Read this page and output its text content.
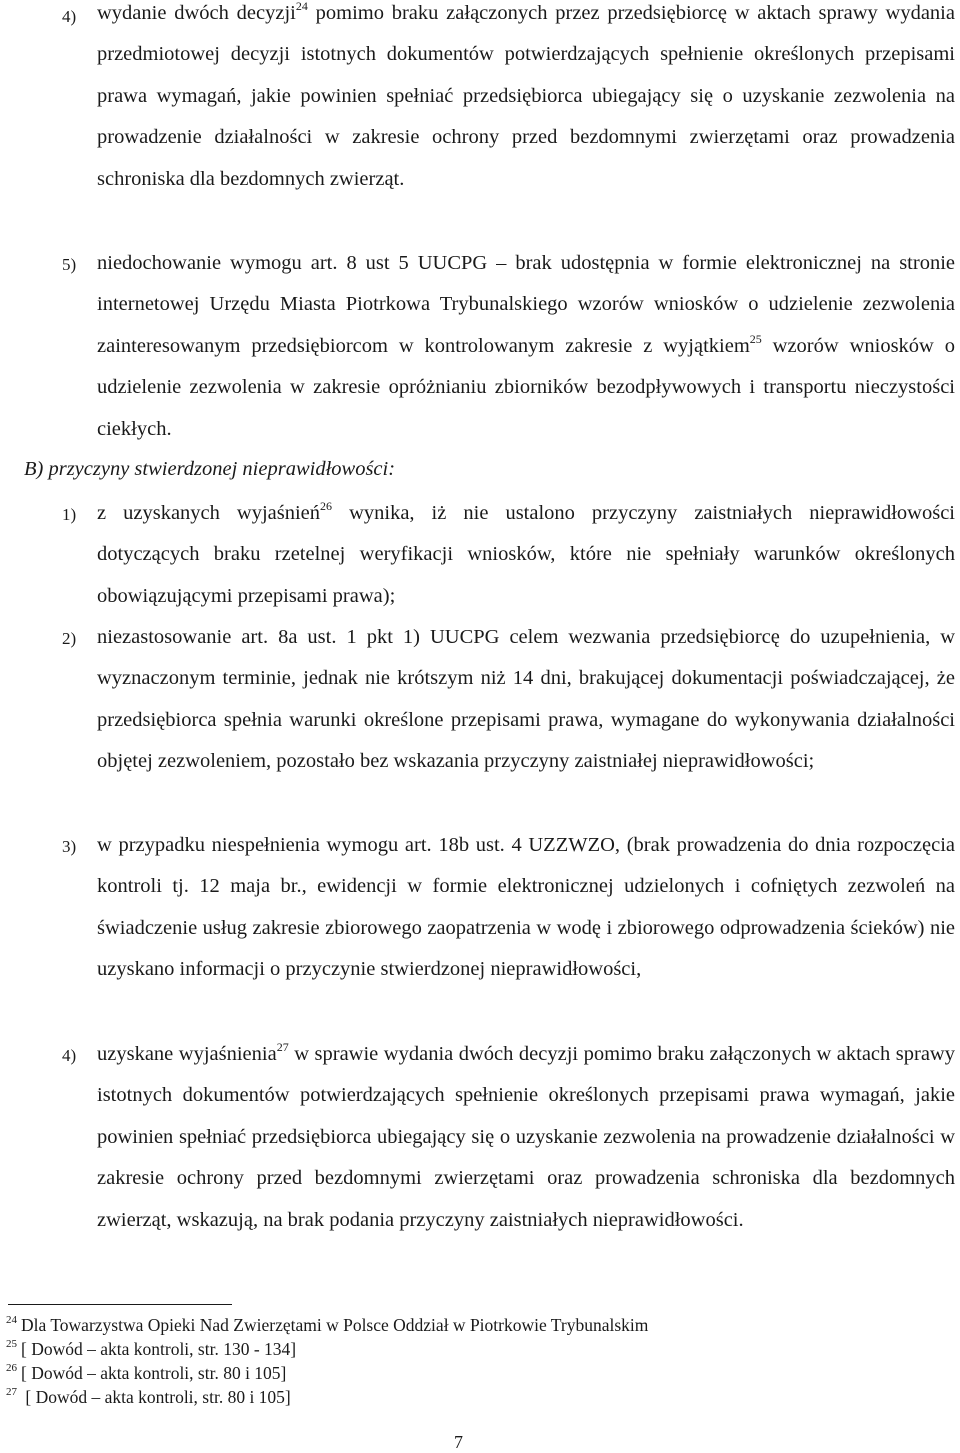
4) wydanie dwóch decyzji$^{24}$ pomimo braku załączonych przez przedsiębiorcę w aktach sprawy wydania przedmiotowej decyzji istotnych dokumentów potwierdzających spełnienie określonych przepisami prawa wymagań, jakie powinien spełniać przedsiębiorca ubiegający się o uzyskanie zezwolenia na prowadzenie działalności w zakresie ochrony przed bezdomnymi zwierzętami oraz prowadzenia schroniska dla bezdomnych zwierząt.

5) niedochowanie wymogu art. 8 ust 5 UUCPG – brak udostępnia w formie elektronicznej na stronie internetowej Urzędu Miasta Piotrkowa Trybunalskiego wzorów wniosków o udzielenie zezwolenia zainteresowanym przedsiębiorcom w kontrolowanym zakresie z wyjątkiem$^{25}$ wzorów wniosków o udzielenie zezwolenia w zakresie opróżnianiu zbiorników bezodpływowych i transportu nieczystości ciekłych.

B) przyczyny stwierdzonej nieprawidłowości:
1) z uzyskanych wyjaśnień$^{26}$ wynika, iż nie ustalono przyczyny zaistniałych nieprawidłowości dotyczących braku rzetelnej weryfikacji wniosków, które nie spełniały warunków określonych obowiązującymi przepisami prawa);

2) niezastosowanie art. 8a ust. 1 pkt 1) UUCPG celem wezwania przedsiębiorcę do uzupełnienia, w wyznaczonym terminie, jednak nie krótszym niż 14 dni, brakującej dokumentacji poświadczającej, że przedsiębiorca spełnia warunki określone przepisami prawa, wymagane do wykonywania działalności objętej zezwoleniem, pozostało bez wskazania przyczyny zaistniałej nieprawidłowości;

3) w przypadku niespełnienia wymogu art. 18b ust. 4 UZZWZO, (brak prowadzenia do dnia rozpoczęcia kontroli tj. 12 maja br., ewidencji w formie elektronicznej udzielonych i cofniętych zezwoleń na świadczenie usług zakresie zbiorowego zaopatrzenia w wodę i zbiorowego odprowadzenia ścieków) nie uzyskano informacji o przyczynie stwierdzonej nieprawidłowości,

4) uzyskane wyjaśnienia$^{27}$ w sprawie wydania dwóch decyzji pomimo braku załączonych w aktach sprawy istotnych dokumentów potwierdzających spełnienie określonych przepisami prawa wymagań, jakie powinien spełniać przedsiębiorca ubiegający się o uzyskanie zezwolenia na prowadzenie działalności w zakresie ochrony przed bezdomnymi zwierzętami oraz prowadzenia schroniska dla bezdomnych zwierząt, wskazują, na brak podania przyczyny zaistniałych nieprawidłowości.

$^{24}$ Dla Towarzystwa Opieki Nad Zwierzętami w Polsce Oddział w Piotrkowie Trybunalskim
$^{25}$ [ Dowód – akta kontroli, str. 130 - 134]
$^{26}$ [ Dowód – akta kontroli, str. 80 i 105]
$^{27}$ [ Dowód – akta kontroli, str. 80 i 105]
7
